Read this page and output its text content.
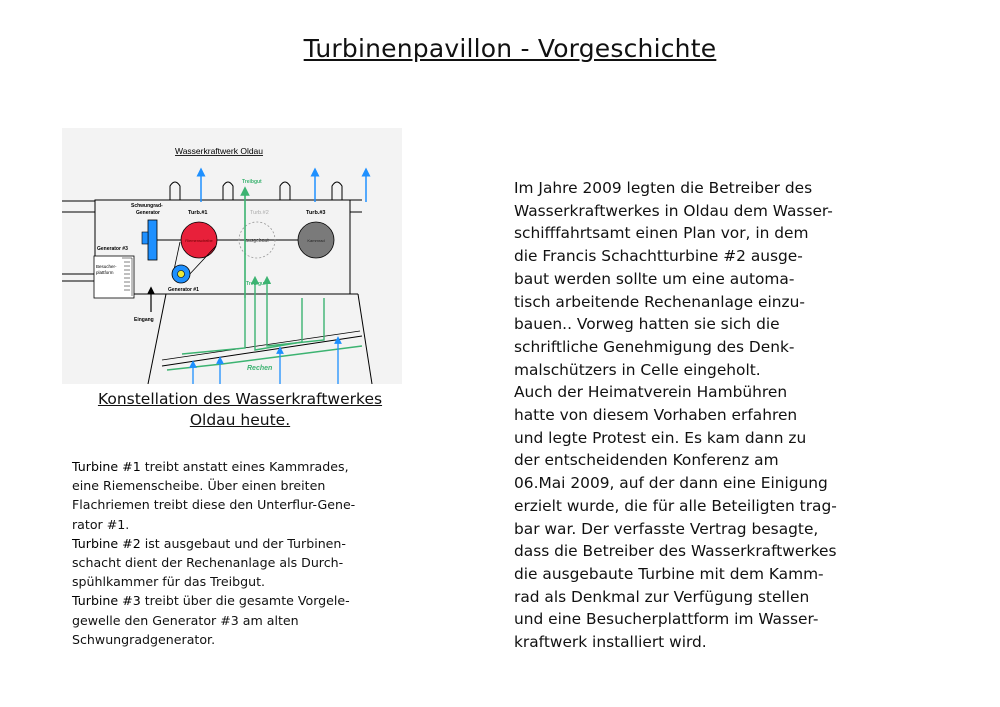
Turbinenpavillon - Vorgeschichte
Wasserkraftwerk Oldau
Schwungrad-
Generator	Turb.#1	Turb.#2	Turb.#3
Treibgut
Treibgut
Generator #3
Generator #1
Eingang
Riemenscheibe	ausgebaut	Kammrad
Besucher-
plattform
Rechen
Konstellation des Wasserkraftwerkes
Oldau heute.

Turbine #1 treibt anstatt eines Kammrades,
eine Riemenscheibe. Über einen breiten
Flachriemen treibt diese den Unterflur-Gene-
rator #1.

Turbine #2 ist ausgebaut und der Turbinen-
schacht dient der Rechenanlage als Durch-
spühlkammer für das Treibgut.

Turbine #3 treibt über die gesamte Vorgele-
gewelle den Generator #3 am alten
Schwungradgenerator.

Im Jahre 2009 legten die Betreiber des
Wasserkraftwerkes in Oldau dem Wasser-
schifffahrtsamt einen Plan vor, in dem
die Francis Schachtturbine #2 ausge-
baut werden sollte um eine automa-
tisch arbeitende Rechenanlage einzu-
bauen.. Vorweg hatten sie sich die
schriftliche Genehmigung des Denk-
malschützers in Celle eingeholt.
Auch der Heimatverein Hambühren
hatte von diesem Vorhaben erfahren
und legte Protest ein. Es kam dann zu
der entscheidenden Konferenz am
06.Mai 2009, auf der dann eine Einigung
erzielt wurde, die für alle Beteiligten trag-
bar war. Der verfasste Vertrag besagte,
dass die Betreiber des Wasserkraftwerkes
die ausgebaute Turbine mit dem Kamm-
rad als Denkmal zur Verfügung stellen
und eine Besucherplattform im Wasser-
kraftwerk installiert wird.
